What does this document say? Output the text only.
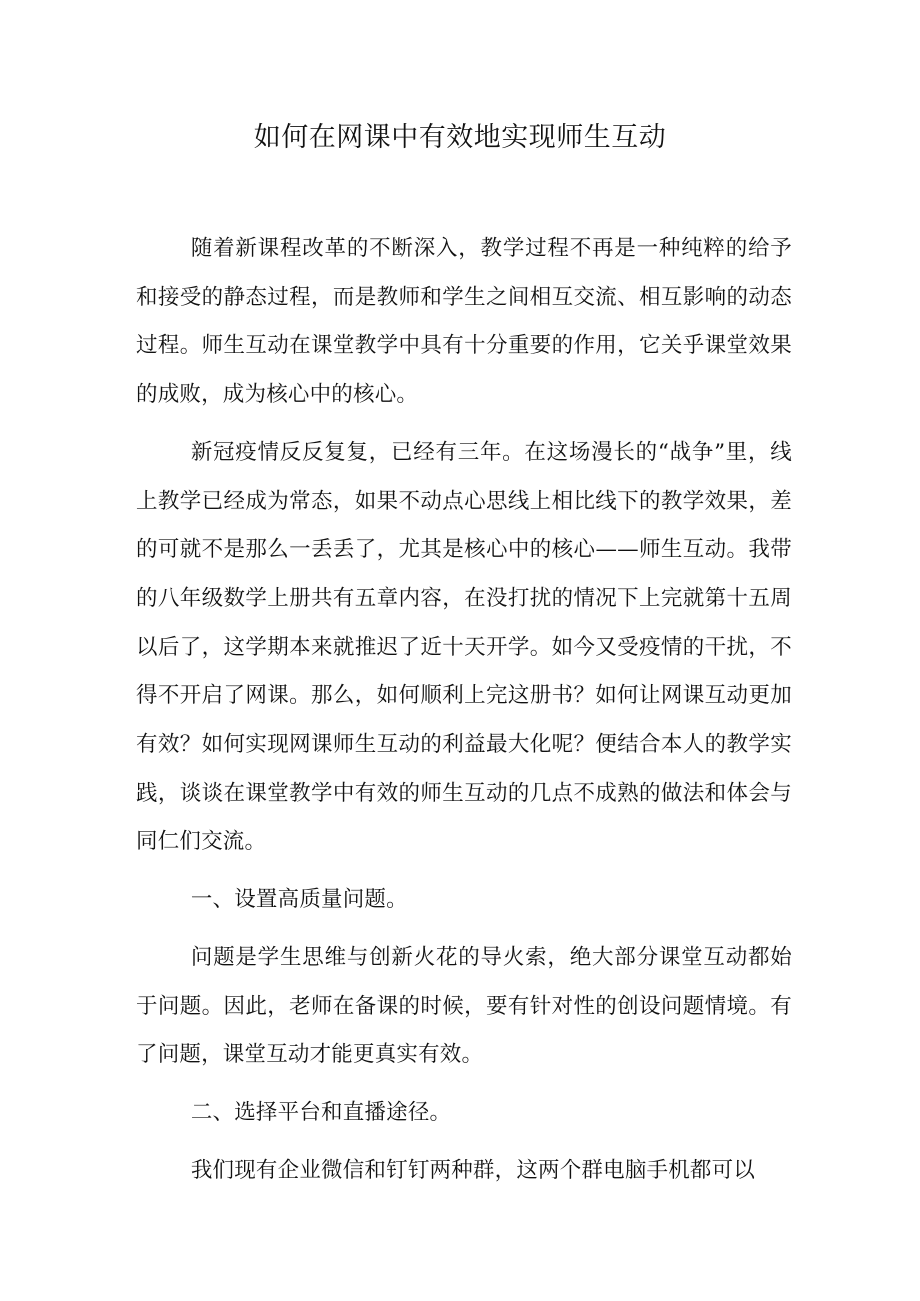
如何在网课中有效地实现师生互动

随着新课程改革的不断深入，教学过程不再是一种纯粹的给予和接受的静态过程，而是教师和学生之间相互交流、相互影响的动态过程。师生互动在课堂教学中具有十分重要的作用，它关乎课堂效果的成败，成为核心中的核心。

新冠疫情反反复复，已经有三年。在这场漫长的“战争”里，线上教学已经成为常态，如果不动点心思线上相比线下的教学效果，差的可就不是那么一丢丢了，尤其是核心中的核心——师生互动。我带的八年级数学上册共有五章内容，在没打扰的情况下上完就第十五周以后了，这学期本来就推迟了近十天开学。如今又受疫情的干扰，不得不开启了网课。那么，如何顺利上完这册书？如何让网课互动更加有效？如何实现网课师生互动的利益最大化呢？便结合本人的教学实践，谈谈在课堂教学中有效的师生互动的几点不成熟的做法和体会与同仁们交流。

一、设置高质量问题。

问题是学生思维与创新火花的导火索，绝大部分课堂互动都始于问题。因此，老师在备课的时候，要有针对性的创设问题情境。有了问题，课堂互动才能更真实有效。

二、选择平台和直播途径。

我们现有企业微信和钉钉两种群，这两个群电脑手机都可以
